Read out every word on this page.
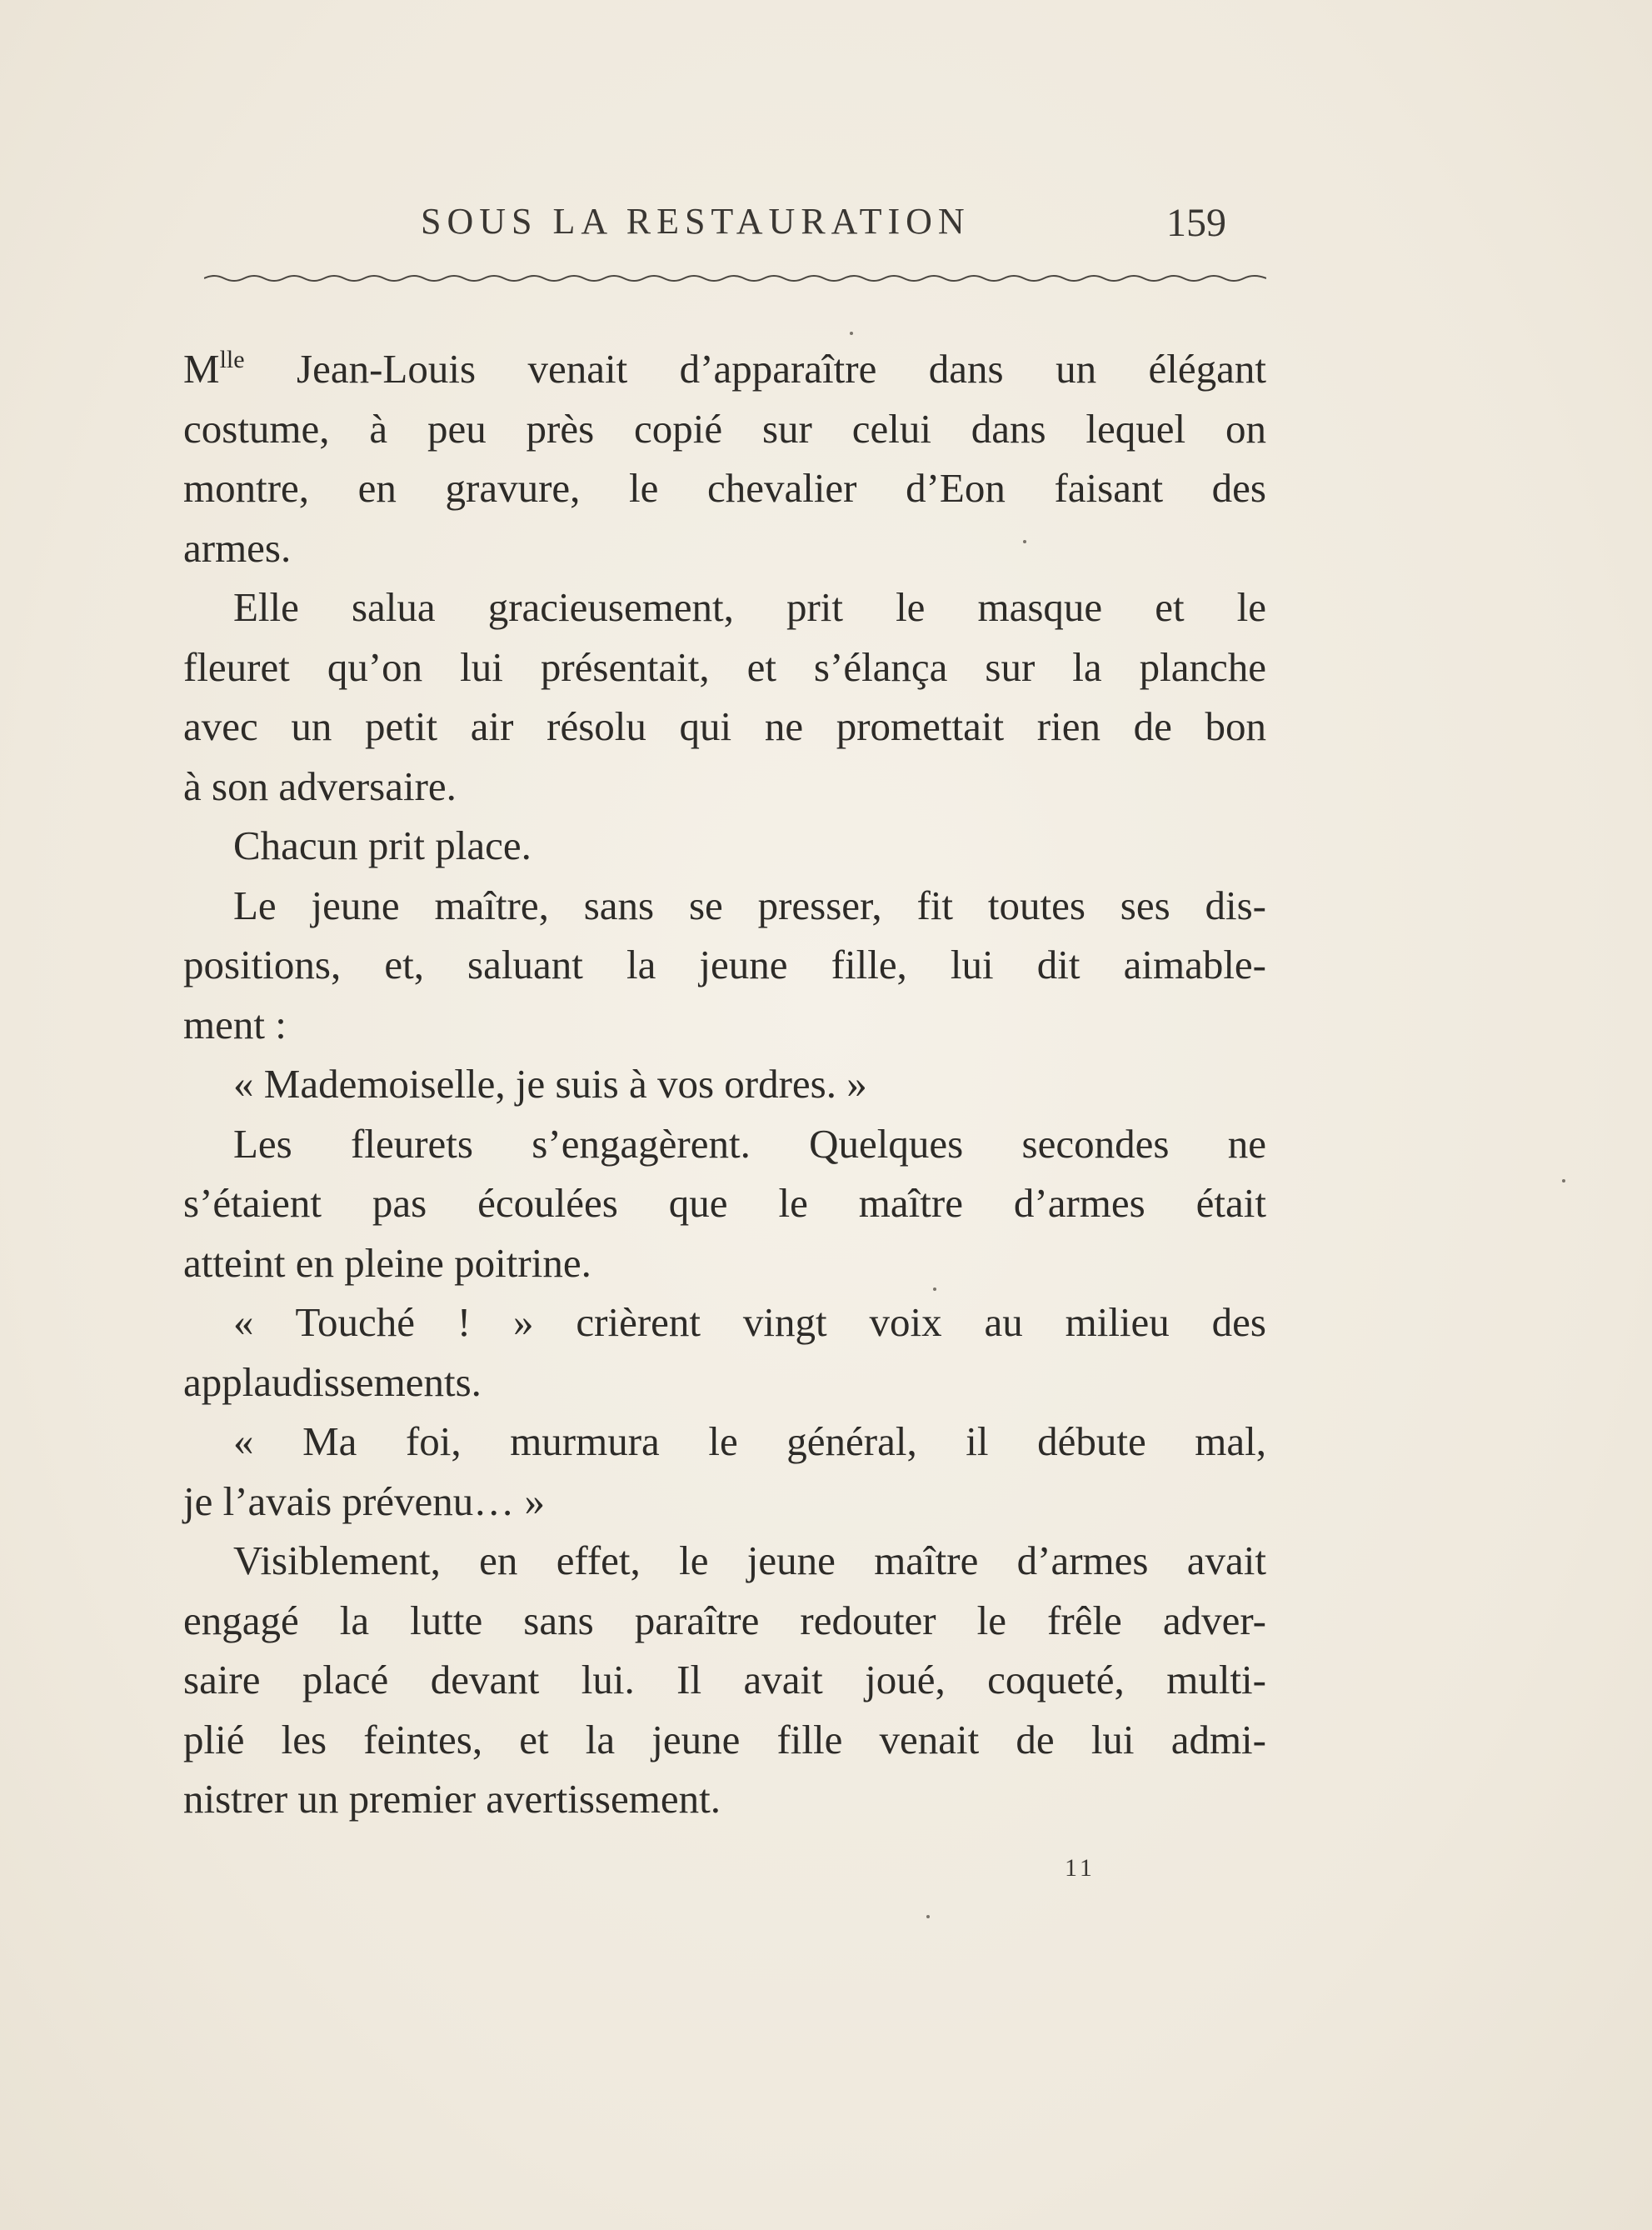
SOUS LA RESTAURATION	159
$M^{lle}$ Jean-Louis venait d’apparaître dans un élégant
costume, à peu près copié sur celui dans lequel on
montre, en gravure, le chevalier d’Eon faisant des
armes.
Elle salua gracieusement, prit le masque et le
fleuret qu’on lui présentait, et s’élança sur la planche
avec un petit air résolu qui ne promettait rien de bon
à son adversaire.
Chacun prit place.
Le jeune maître, sans se presser, fit toutes ses dis-
positions, et, saluant la jeune fille, lui dit aimable-
ment :
« Mademoiselle, je suis à vos ordres. »
Les fleurets s’engagèrent. Quelques secondes ne
s’étaient pas écoulées que le maître d’armes était
atteint en pleine poitrine.
« Touché ! » crièrent vingt voix au milieu des
applaudissements.
« Ma foi, murmura le général, il débute mal,
je l’avais prévenu… »
Visiblement, en effet, le jeune maître d’armes avait
engagé la lutte sans paraître redouter le frêle adver-
saire placé devant lui. Il avait joué, coqueté, multi-
plié les feintes, et la jeune fille venait de lui admi-
nistrer un premier avertissement.
11
